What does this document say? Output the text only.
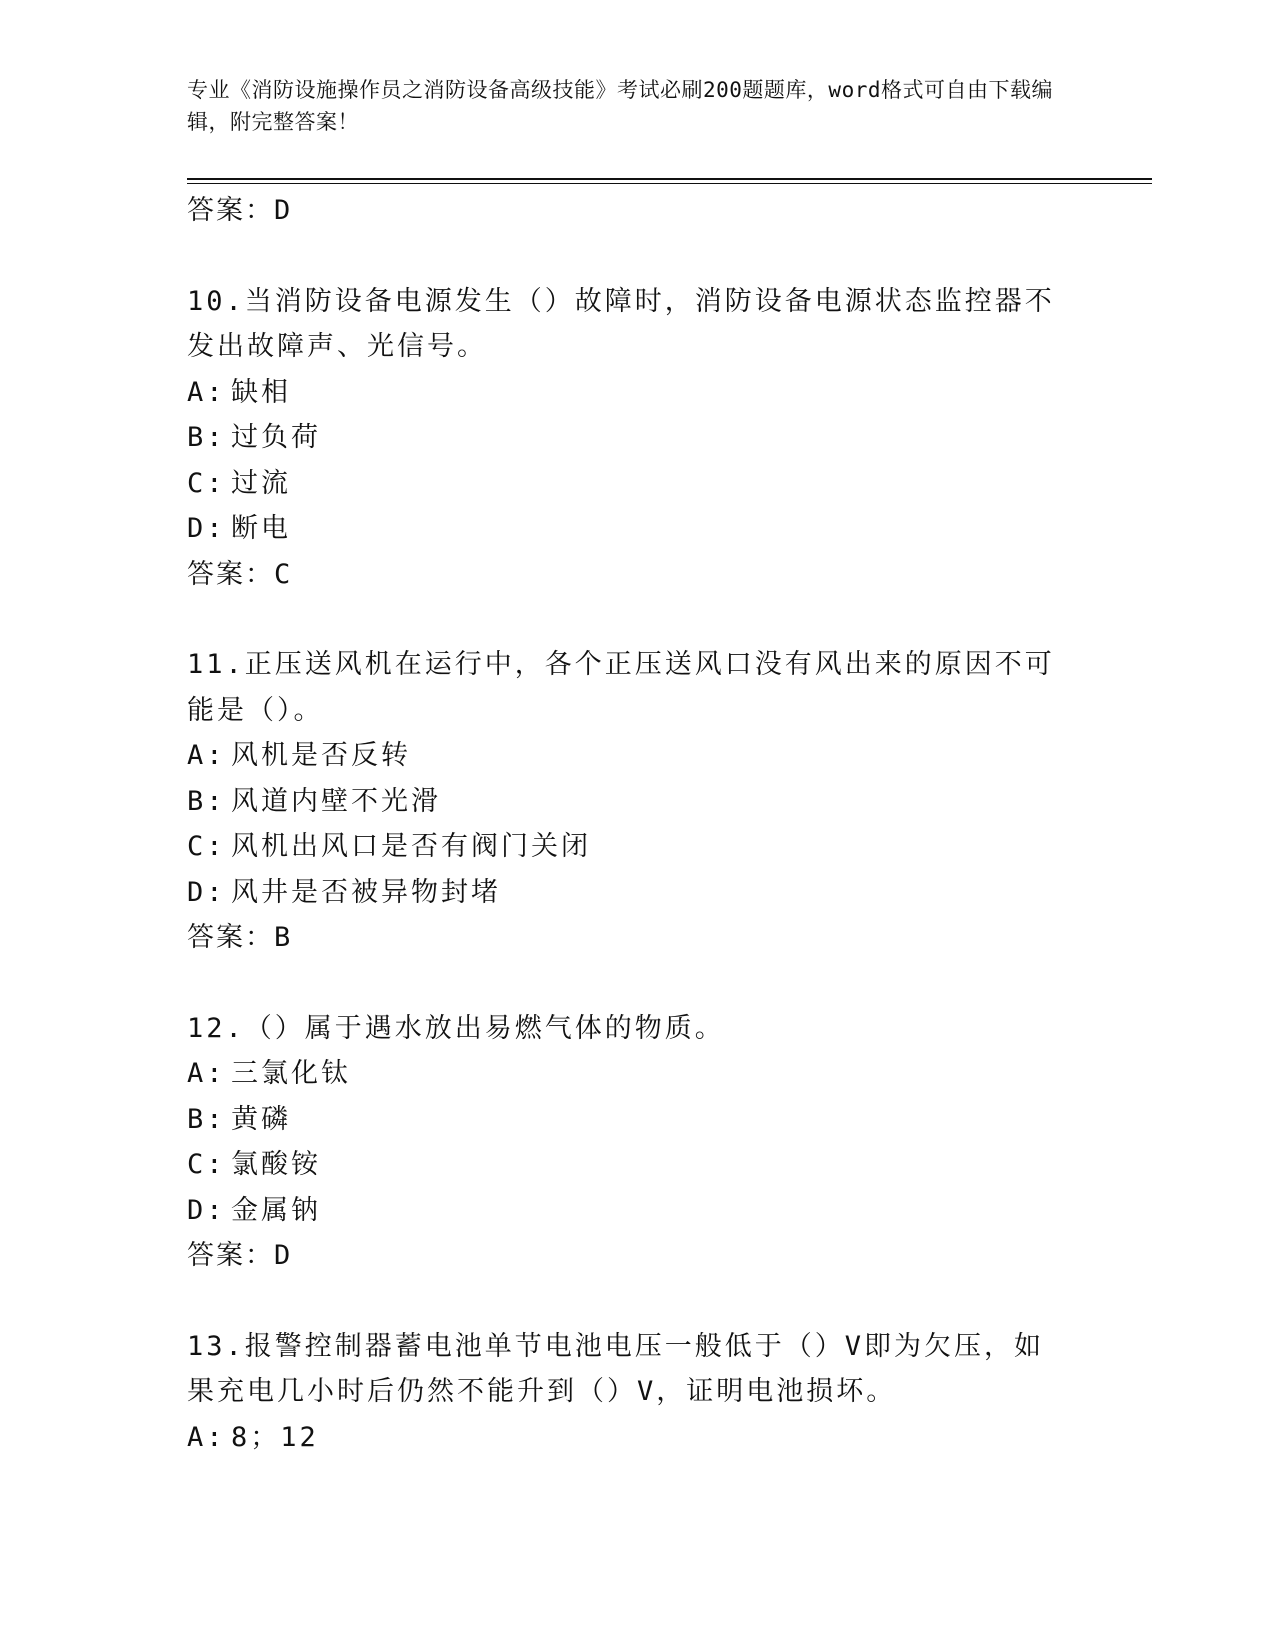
专业《消防设施操作员之消防设备高级技能》考试必刷200题题库，word格式可自由下载编辑，附完整答案！
答案：D
10.当消防设备电源发生（）故障时，消防设备电源状态监控器不发出故障声、光信号。
A: 缺相
B: 过负荷
C: 过流
D: 断电
答案：C
11.正压送风机在运行中，各个正压送风口没有风出来的原因不可能是（）。
A: 风机是否反转
B: 风道内壁不光滑
C: 风机出风口是否有阀门关闭
D: 风井是否被异物封堵
答案：B
12.（）属于遇水放出易燃气体的物质。
A: 三氯化钛
B: 黄磷
C: 氯酸铵
D: 金属钠
答案：D
13.报警控制器蓄电池单节电池电压一般低于（）V即为欠压，如果充电几小时后仍然不能升到（）V，证明电池损坏。
A: 8；12
